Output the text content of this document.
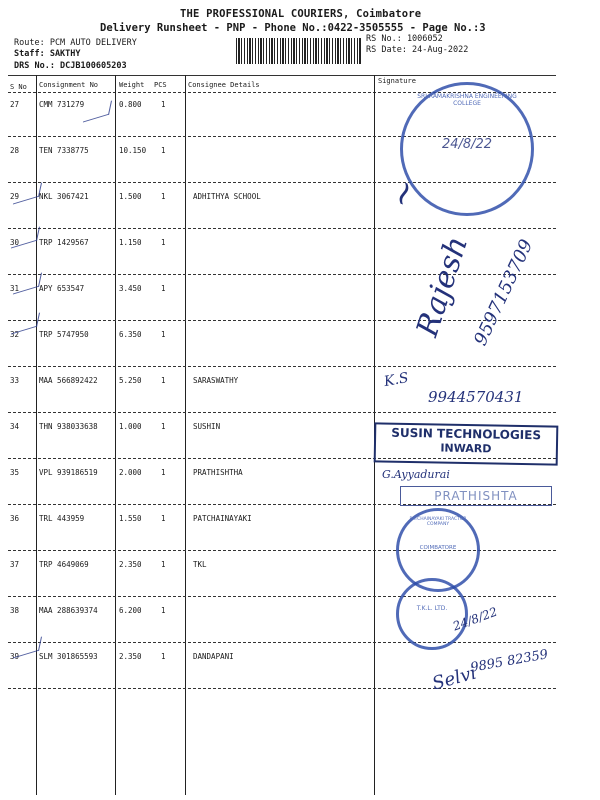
THE PROFESSIONAL COURIERS, Coimbatore
Delivery Runsheet - PNP - Phone No.:0422-3505555 - Page No.:3
Route: PCM AUTO DELIVERY
Staff: SAKTHY
DRS No.: DCJB100605203
RS No.: 1006052
RS Date: 24-Aug-2022
S No Consignment No	Weight PCS	Consignee Details	Signature
27	CMM 731279	0.800	1
28	TEN 7338775	10.150 1
29	NKL 3067421	1.500	1	ADHITHYA SCHOOL
30	TRP 1429567	1.150	1
31	APY 653547	3.450	1
32	TRP 5747950	6.350	1
33	MAA 566892422	5.250	1	SARASWATHY
34	THN 938033638	1.000	1	SUSHIN
35	VPL 939186519	2.000	1	PRATHISHTHA
36	TRL 443959	1.550	1	PATCHAINAYAKI
37	TRP 4649069	2.350	1	TKL
38	MAA 288639374	6.200	1
39	SLM 301865593	2.350	1	DANDAPANI
SRI RAMAKRISHNA ENGINEERING COLLEGE
24/8/22
~
Rajesh
9597153709
K.S
9944570431
SUSIN TECHNOLOGIES
INWARD
G.Ayyadurai
PRATHISHTA
PATCHAINAYAKI TRACTOR COMPANY
COIMBATORE
T.K.L. LTD. 24/8/22
Selvi
9895 82359
